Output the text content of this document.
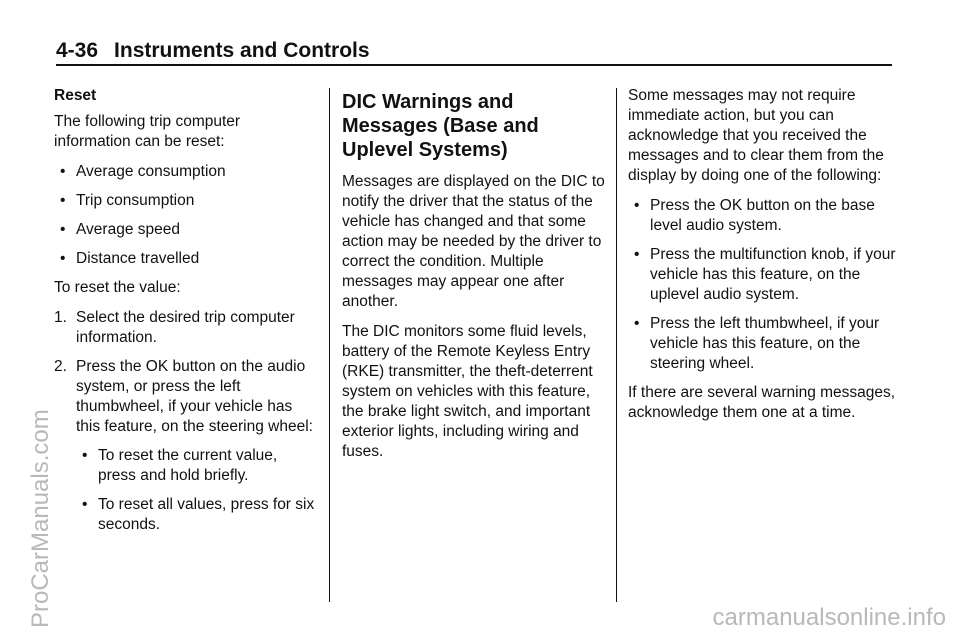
4-36 Instruments and Controls

Reset

The following trip computer information can be reset:

• Average consumption
• Trip consumption
• Average speed
• Distance travelled

To reset the value:

1. Select the desired trip computer information.
2. Press the OK button on the audio system, or press the left thumbwheel, if your vehicle has this feature, on the steering wheel:
• To reset the current value, press and hold briefly.
• To reset all values, press for six seconds.
DIC Warnings and Messages (Base and Uplevel Systems)

Messages are displayed on the DIC to notify the driver that the status of the vehicle has changed and that some action may be needed by the driver to correct the condition. Multiple messages may appear one after another.

The DIC monitors some fluid levels, battery of the Remote Keyless Entry (RKE) transmitter, the theft-deterrent system on vehicles with this feature, the brake light switch, and important exterior lights, including wiring and fuses.

Some messages may not require immediate action, but you can acknowledge that you received the messages and to clear them from the display by doing one of the following:

• Press the OK button on the base level audio system.
• Press the multifunction knob, if your vehicle has this feature, on the uplevel audio system.
• Press the left thumbwheel, if your vehicle has this feature, on the steering wheel.

If there are several warning messages, acknowledge them one at a time.

ProCarManuals.com	carmanualsonline.info
